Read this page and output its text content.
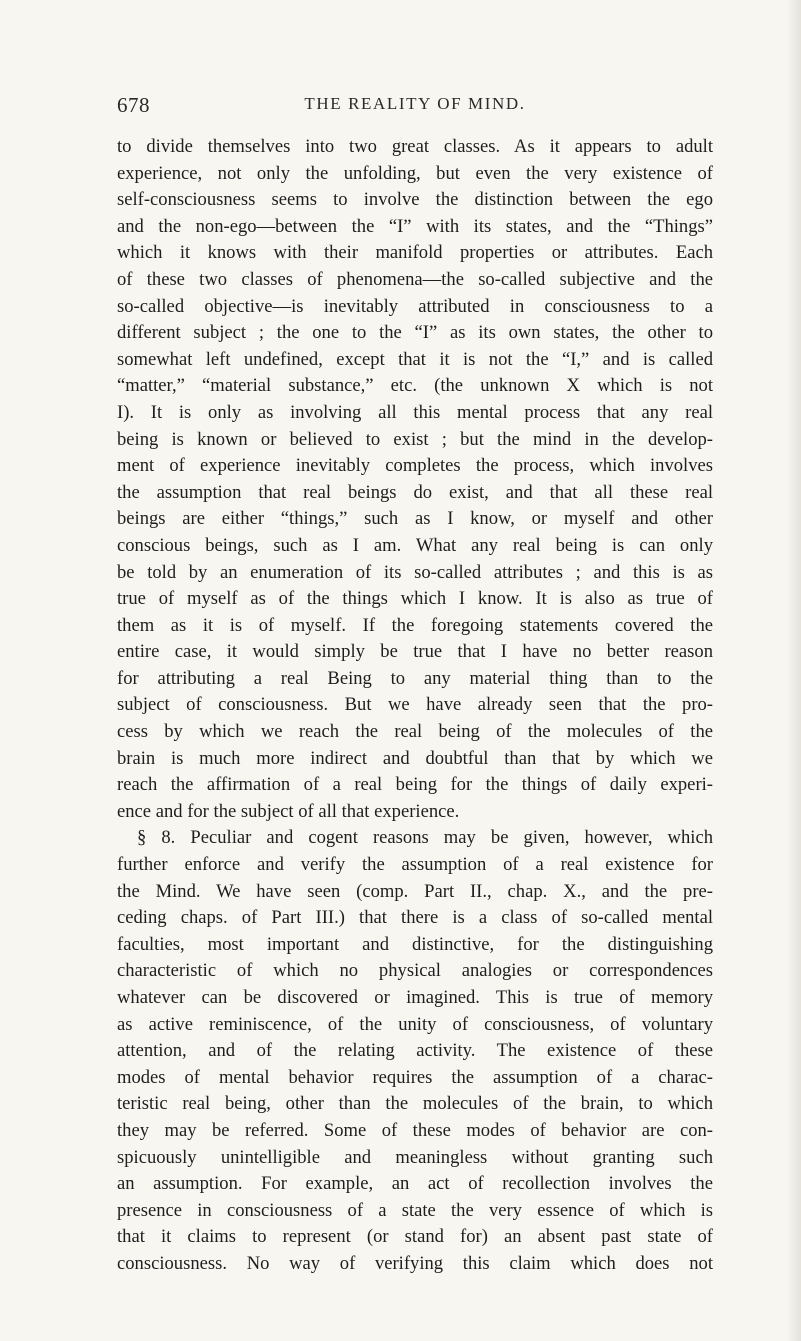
678	THE REALITY OF MIND.
to divide themselves into two great classes. As it appears to adult
experience, not only the unfolding, but even the very existence of
self-consciousness seems to involve the distinction between the ego
and the non-ego—between the “I” with its states, and the “Things”
which it knows with their manifold properties or attributes. Each
of these two classes of phenomena—the so-called subjective and the
so-called objective—is inevitably attributed in consciousness to a
different subject ; the one to the “I” as its own states, the other to
somewhat left undefined, except that it is not the “I,” and is called
“matter,” “material substance,” etc. (the unknown X which is not
I). It is only as involving all this mental process that any real
being is known or believed to exist ; but the mind in the develop-
ment of experience inevitably completes the process, which involves
the assumption that real beings do exist, and that all these real
beings are either “things,” such as I know, or myself and other
conscious beings, such as I am. What any real being is can only
be told by an enumeration of its so-called attributes ; and this is as
true of myself as of the things which I know. It is also as true of
them as it is of myself. If the foregoing statements covered the
entire case, it would simply be true that I have no better reason
for attributing a real Being to any material thing than to the
subject of consciousness. But we have already seen that the pro-
cess by which we reach the real being of the molecules of the
brain is much more indirect and doubtful than that by which we
reach the affirmation of a real being for the things of daily experi-
ence and for the subject of all that experience.
§ 8. Peculiar and cogent reasons may be given, however, which
further enforce and verify the assumption of a real existence for
the Mind. We have seen (comp. Part II., chap. X., and the pre-
ceding chaps. of Part III.) that there is a class of so-called mental
faculties, most important and distinctive, for the distinguishing
characteristic of which no physical analogies or correspondences
whatever can be discovered or imagined. This is true of memory
as active reminiscence, of the unity of consciousness, of voluntary
attention, and of the relating activity. The existence of these
modes of mental behavior requires the assumption of a charac-
teristic real being, other than the molecules of the brain, to which
they may be referred. Some of these modes of behavior are con-
spicuously unintelligible and meaningless without granting such
an assumption. For example, an act of recollection involves the
presence in consciousness of a state the very essence of which is
that it claims to represent (or stand for) an absent past state of
consciousness. No way of verifying this claim which does not
